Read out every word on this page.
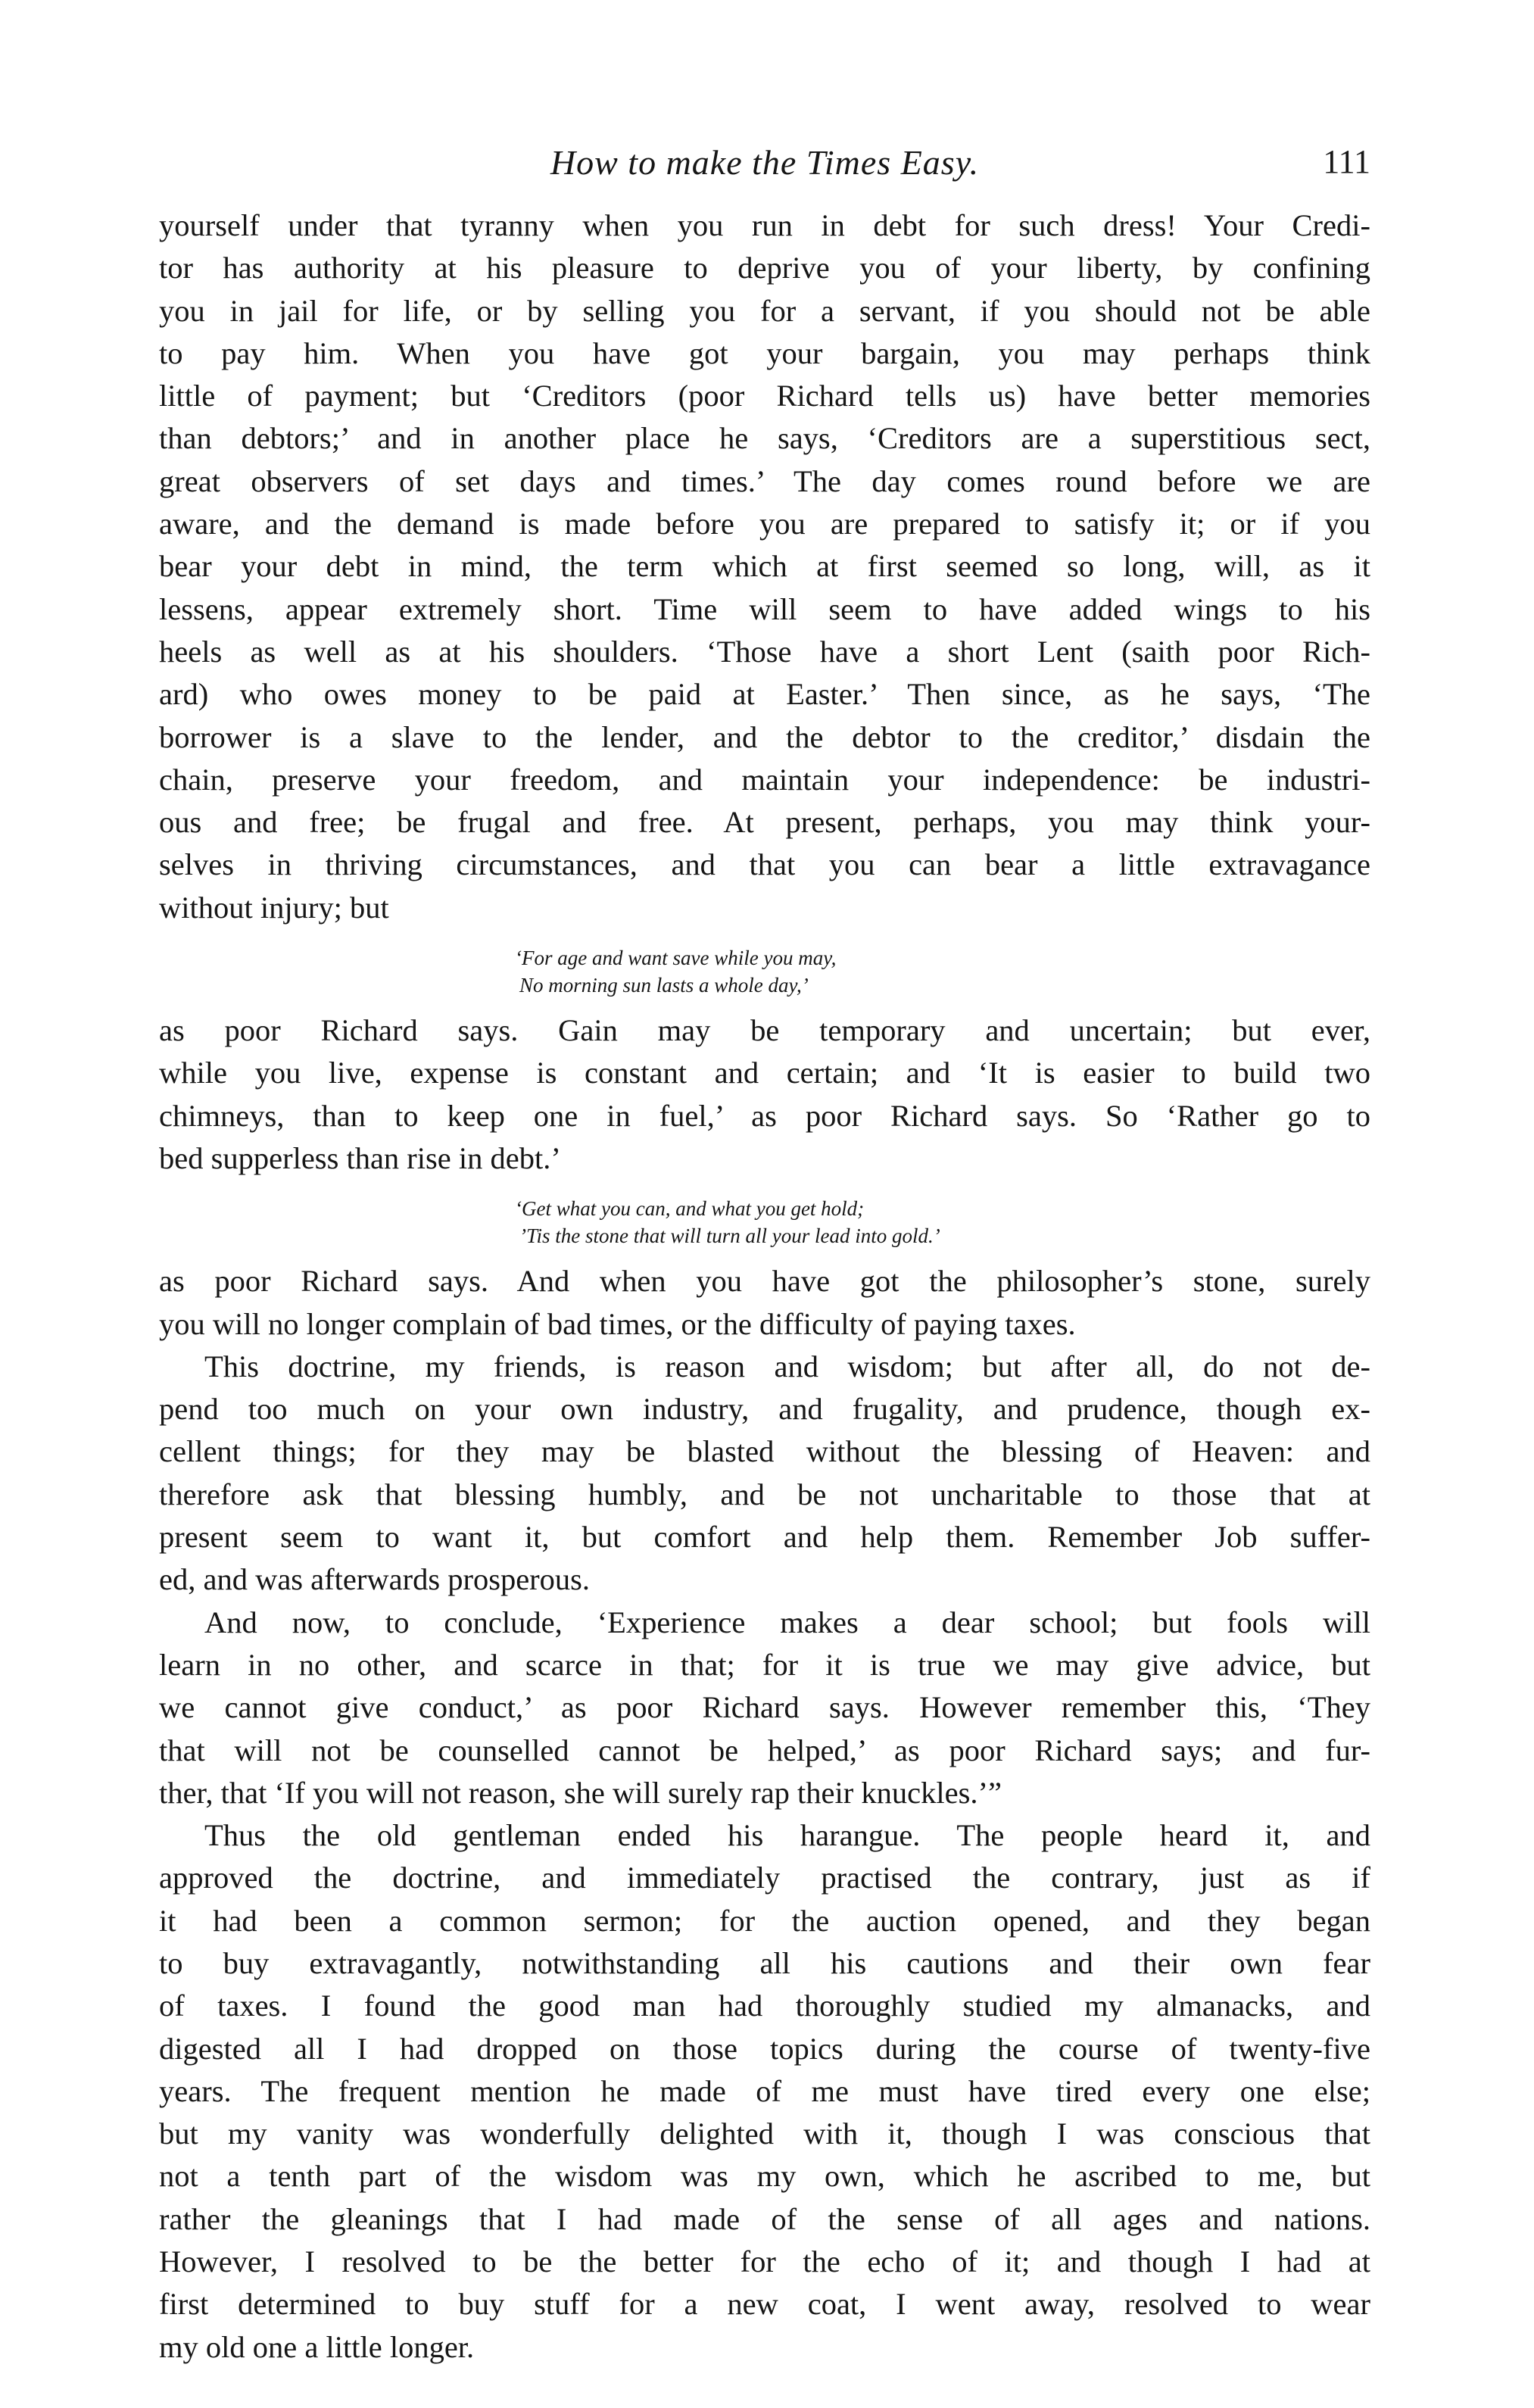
How to make the Times Easy.	111
yourself under that tyranny when you run in debt for such dress! Your Credi-
tor has authority at his pleasure to deprive you of your liberty, by confining
you in jail for life, or by selling you for a servant, if you should not be able
to pay him. When you have got your bargain, you may perhaps think
little of payment; but ‘Creditors (poor Richard tells us) have better memories
than debtors;’ and in another place he says, ‘Creditors are a superstitious sect,
great observers of set days and times.’ The day comes round before we are
aware, and the demand is made before you are prepared to satisfy it; or if you
bear your debt in mind, the term which at first seemed so long, will, as it
lessens, appear extremely short. Time will seem to have added wings to his
heels as well as at his shoulders. ‘Those have a short Lent (saith poor Rich-
ard) who owes money to be paid at Easter.’ Then since, as he says, ‘The
borrower is a slave to the lender, and the debtor to the creditor,’ disdain the
chain, preserve your freedom, and maintain your independence: be industri-
ous and free; be frugal and free. At present, perhaps, you may think your-
selves in thriving circumstances, and that you can bear a little extravagance
without injury; but
‘For age and want save while you may,
No morning sun lasts a whole day,’
as poor Richard says. Gain may be temporary and uncertain; but ever,
while you live, expense is constant and certain; and ‘It is easier to build two
chimneys, than to keep one in fuel,’ as poor Richard says. So ‘Rather go to
bed supperless than rise in debt.’
‘Get what you can, and what you get hold;
’Tis the stone that will turn all your lead into gold.’
as poor Richard says. And when you have got the philosopher’s stone, surely
you will no longer complain of bad times, or the difficulty of paying taxes.
This doctrine, my friends, is reason and wisdom; but after all, do not de-
pend too much on your own industry, and frugality, and prudence, though ex-
cellent things; for they may be blasted without the blessing of Heaven: and
therefore ask that blessing humbly, and be not uncharitable to those that at
present seem to want it, but comfort and help them. Remember Job suffer-
ed, and was afterwards prosperous.
And now, to conclude, ‘Experience makes a dear school; but fools will
learn in no other, and scarce in that; for it is true we may give advice, but
we cannot give conduct,’ as poor Richard says. However remember this, ‘They
that will not be counselled cannot be helped,’ as poor Richard says; and fur-
ther, that ‘If you will not reason, she will surely rap their knuckles.’”
Thus the old gentleman ended his harangue. The people heard it, and
approved the doctrine, and immediately practised the contrary, just as if
it had been a common sermon; for the auction opened, and they began
to buy extravagantly, notwithstanding all his cautions and their own fear
of taxes. I found the good man had thoroughly studied my almanacks, and
digested all I had dropped on those topics during the course of twenty-five
years. The frequent mention he made of me must have tired every one else;
but my vanity was wonderfully delighted with it, though I was conscious that
not a tenth part of the wisdom was my own, which he ascribed to me, but
rather the gleanings that I had made of the sense of all ages and nations.
However, I resolved to be the better for the echo of it; and though I had at
first determined to buy stuff for a new coat, I went away, resolved to wear
my old one a little longer.
